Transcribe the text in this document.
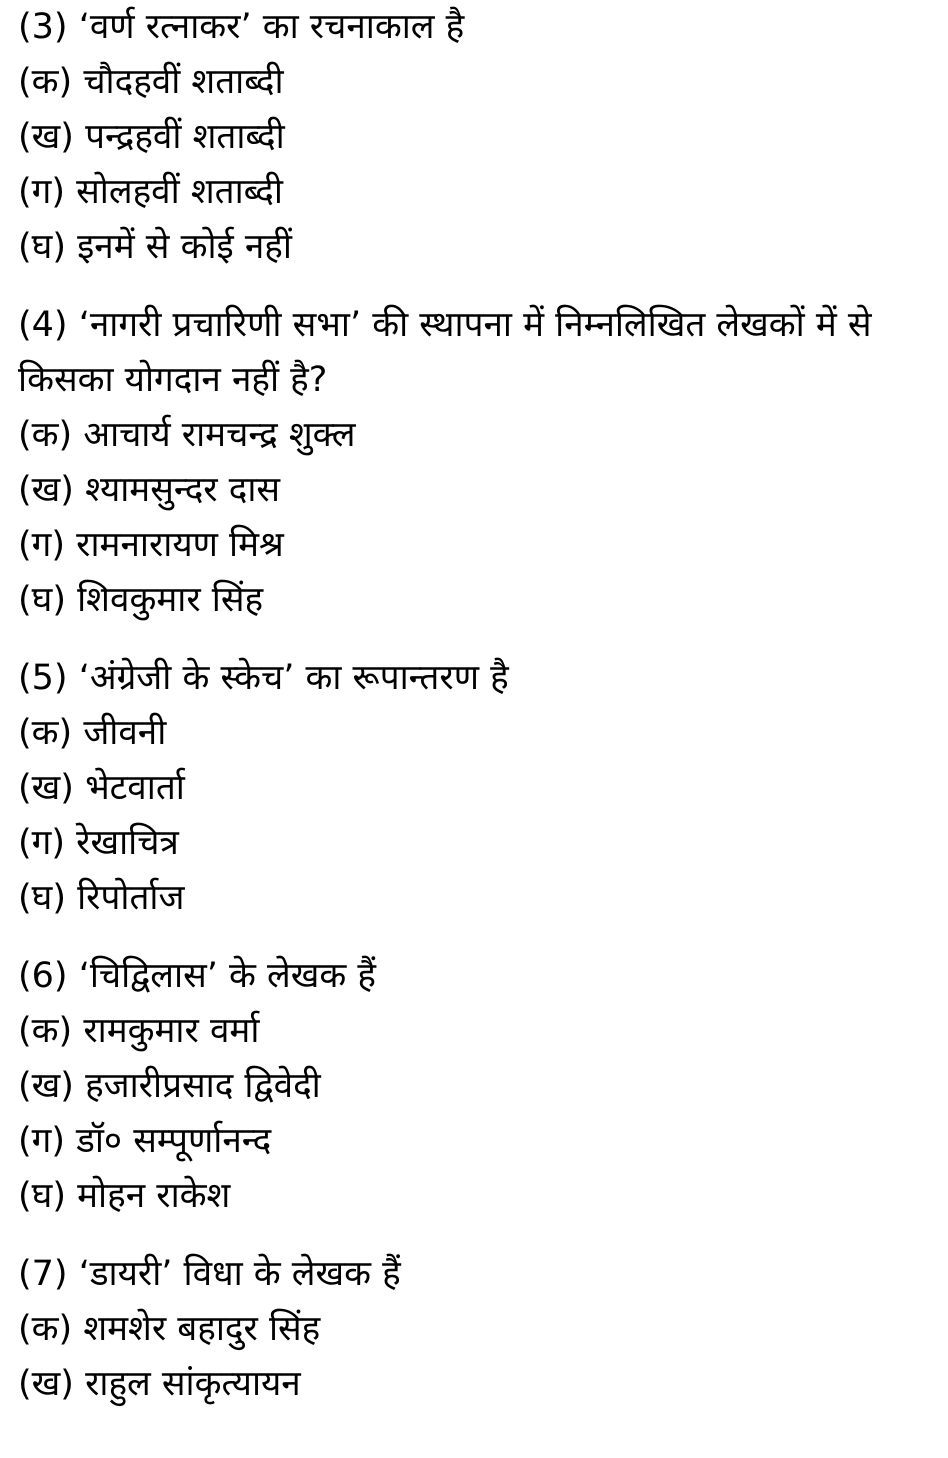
(3) ‘वर्ण रत्नाकर’ का रचनाकाल है

(क) चौदहवीं शताब्दी
(ख) पन्द्रहवीं शताब्दी
(ग) सोलहवीं शताब्दी
(घ) इनमें से कोई नहीं

(4) ‘नागरी प्रचारिणी सभा’ की स्थापना में निम्नलिखित लेखकों में से किसका योगदान नहीं है?

(क) आचार्य रामचन्द्र शुक्ल
(ख) श्यामसुन्दर दास
(ग) रामनारायण मिश्र
(घ) शिवकुमार सिंह

(5) ‘अंग्रेजी के स्केच’ का रूपान्तरण है

(क) जीवनी
(ख) भेटवार्ता
(ग) रेखाचित्र
(घ) रिपोर्ताज

(6) ‘चिद्विलास’ के लेखक हैं

(क) रामकुमार वर्मा
(ख) हजारीप्रसाद द्विवेदी
(ग) डॉ० सम्पूर्णानन्द
(घ) मोहन राकेश

(7) ‘डायरी’ विधा के लेखक हैं

(क) शमशेर बहादुर सिंह
(ख) राहुल सांकृत्यायन
